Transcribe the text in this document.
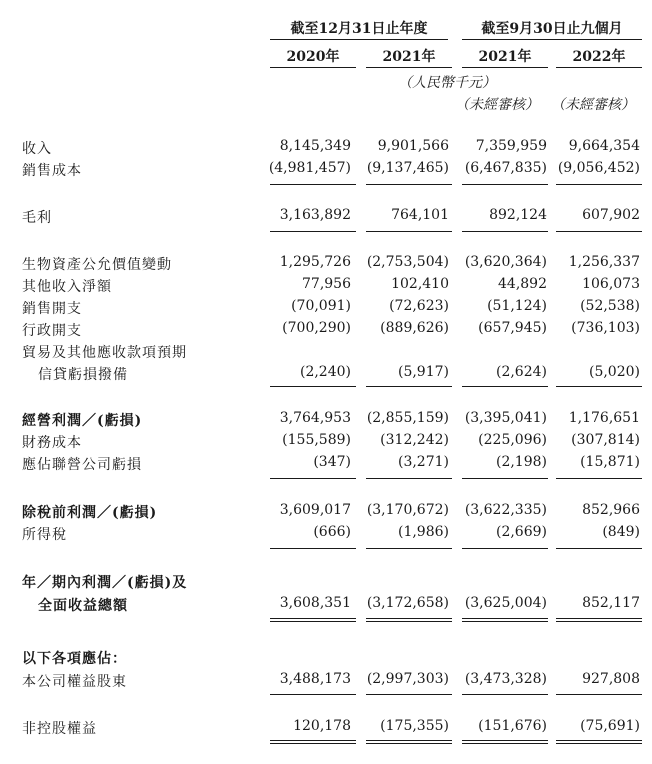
截至12月31日止年度	截至9月30日止九個月
2020年	2021年	2021年	2022年
（人民幣千元）
（未經審核） （未經審核）
收入	8,145,349	9,901,566	7,359,959	9,664,354
銷售成本	(4,981,457)	(9,137,465)	(6,467,835) (9,056,452)
毛利	3,163,892	764,101	892,124	607,902
生物資產公允價值變動	1,295,726	(2,753,504)	(3,620,364)	1,256,337
其他收入淨額	77,956	102,410	44,892	106,073
銷售開支	(70,091)	(72,623)	(51,124)	(52,538)
行政開支	(700,290)	(889,626)	(657,945)	(736,103)
貿易及其他應收款項預期
信貸虧損撥備	(2,240)	(5,917)	(2,624)	(5,020)
經營利潤／(虧損)	3,764,953	(2,855,159)	(3,395,041)	1,176,651
財務成本	(155,589)	(312,242)	(225,096)	(307,814)
應佔聯營公司虧損	(347)	(3,271)	(2,198)	(15,871)
除稅前利潤／(虧損)	3,609,017	(3,170,672)	(3,622,335)	852,966
所得稅	(666)	(1,986)	(2,669)	(849)
年／期內利潤／(虧損)及
全面收益總額	3,608,351	(3,172,658)	(3,625,004)	852,117
以下各項應佔：
本公司權益股東	3,488,173	(2,997,303)	(3,473,328)	927,808
非控股權益	120,178	(175,355)	(151,676)	(75,691)
